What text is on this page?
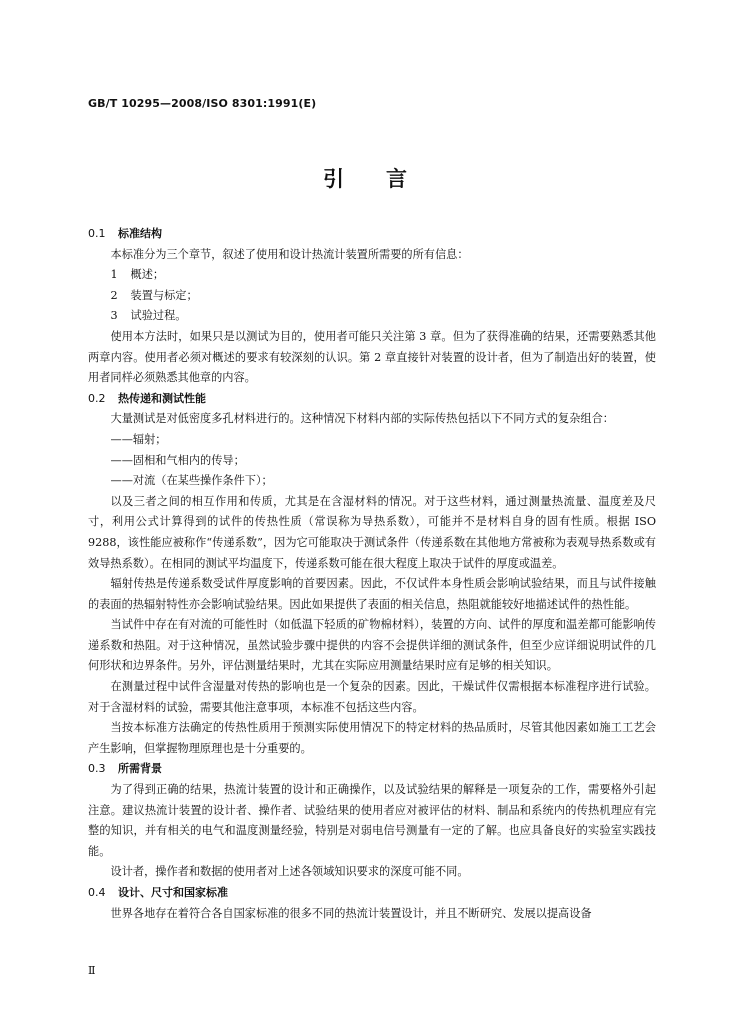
GB/T 10295—2008/ISO 8301:1991(E)
引言
0.1 标准结构
本标准分为三个章节，叙述了使用和设计热流计装置所需要的所有信息：
1 概述；
2 装置与标定；
3 试验过程。
使用本方法时，如果只是以测试为目的，使用者可能只关注第 3 章。但为了获得准确的结果，还需要熟悉其他两章内容。使用者必须对概述的要求有较深刻的认识。第 2 章直接针对装置的设计者，但为了制造出好的装置，使用者同样必须熟悉其他章的内容。
0.2 热传递和测试性能
大量测试是对低密度多孔材料进行的。这种情况下材料内部的实际传热包括以下不同方式的复杂组合：
——辐射；
——固相和气相内的传导；
——对流（在某些操作条件下）；
以及三者之间的相互作用和传质，尤其是在含湿材料的情况。对于这些材料，通过测量热流量、温度差及尺寸，利用公式计算得到的试件的传热性质（常误称为导热系数），可能并不是材料自身的固有性质。根据 ISO 9288，该性能应被称作“传递系数”，因为它可能取决于测试条件（传递系数在其他地方常被称为表观导热系数或有效导热系数）。在相同的测试平均温度下，传递系数可能在很大程度上取决于试件的厚度或温差。
辐射传热是传递系数受试件厚度影响的首要因素。因此，不仅试件本身性质会影响试验结果，而且与试件接触的表面的热辐射特性亦会影响试验结果。因此如果提供了表面的相关信息，热阻就能较好地描述试件的热性能。
当试件中存在有对流的可能性时（如低温下轻质的矿物棉材料），装置的方向、试件的厚度和温差都可能影响传递系数和热阻。对于这种情况，虽然试验步骤中提供的内容不会提供详细的测试条件，但至少应详细说明试件的几何形状和边界条件。另外，评估测量结果时，尤其在实际应用测量结果时应有足够的相关知识。
在测量过程中试件含湿量对传热的影响也是一个复杂的因素。因此，干燥试件仅需根据本标准程序进行试验。对于含湿材料的试验，需要其他注意事项，本标准不包括这些内容。
当按本标准方法确定的传热性质用于预测实际使用情况下的特定材料的热品质时，尽管其他因素如施工工艺会产生影响，但掌握物理原理也是十分重要的。
0.3 所需背景
为了得到正确的结果，热流计装置的设计和正确操作，以及试验结果的解释是一项复杂的工作，需要格外引起注意。建议热流计装置的设计者、操作者、试验结果的使用者应对被评估的材料、制品和系统内的传热机理应有完整的知识，并有相关的电气和温度测量经验，特别是对弱电信号测量有一定的了解。也应具备良好的实验室实践技能。
设计者，操作者和数据的使用者对上述各领域知识要求的深度可能不同。
0.4 设计、尺寸和国家标准
世界各地存在着符合各自国家标准的很多不同的热流计装置设计，并且不断研究、发展以提高设备
Ⅱ
